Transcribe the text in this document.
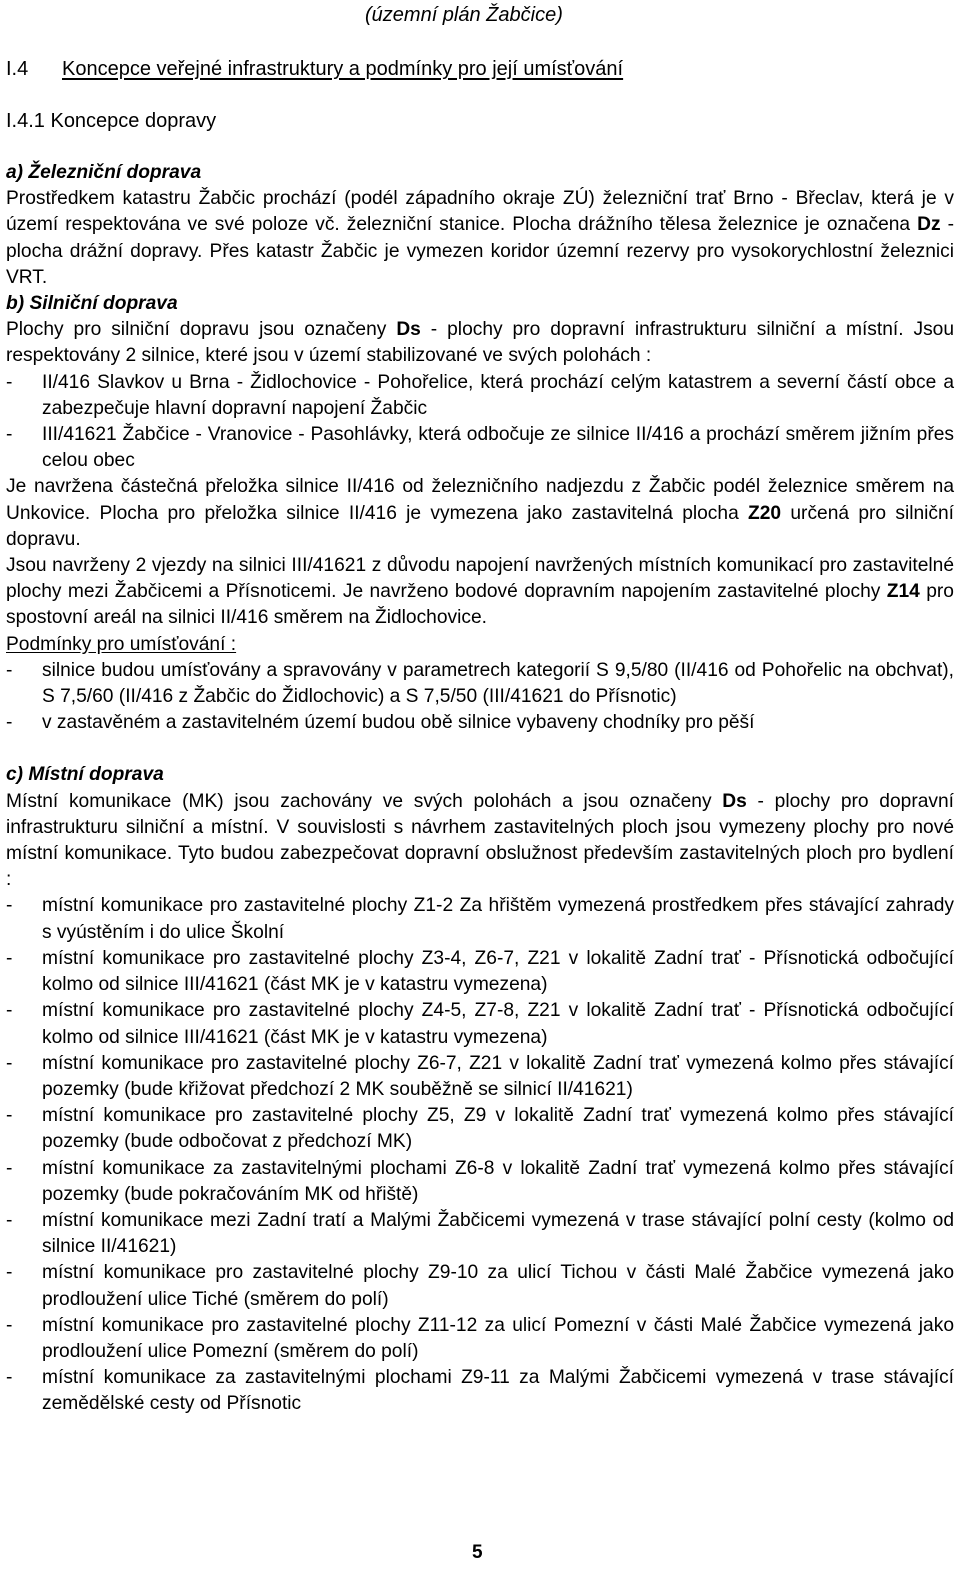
(územní plán Žabčice)
I.4 Koncepce veřejné infrastruktury a podmínky pro její umísťování
I.4.1 Koncepce dopravy

a) Železniční doprava

Prostředkem katastru Žabčic prochází (podél západního okraje ZÚ) železniční trať Brno - Břeclav, která je v území respektována ve své poloze vč. železniční stanice. Plocha drážního tělesa železnice je označena Dz - plocha drážní dopravy. Přes katastr Žabčic je vymezen koridor územní rezervy pro vysokorychlostní železnici VRT.

b) Silniční doprava

Plochy pro silniční dopravu jsou označeny Ds - plochy pro dopravní infrastrukturu silniční a místní. Jsou respektovány 2 silnice, které jsou v území stabilizované ve svých polohách :

- II/416 Slavkov u Brna - Židlochovice - Pohořelice, která prochází celým katastrem a severní částí obce a zabezpečuje hlavní dopravní napojení Žabčic
- III/41621 Žabčice - Vranovice - Pasohlávky, která odbočuje ze silnice II/416 a prochází směrem jižním přes celou obec

Je navržena částečná přeložka silnice II/416 od železničního nadjezdu z Žabčic podél železnice směrem na Unkovice. Plocha pro přeložka silnice II/416 je vymezena jako zastavitelná plocha Z20 určená pro silniční dopravu.

Jsou navrženy 2 vjezdy na silnici III/41621 z důvodu napojení navržených místních komunikací pro zastavitelné plochy mezi Žabčicemi a Přísnoticemi. Je navrženo bodové dopravním napojením zastavitelné plochy Z14 pro spostovní areál na silnici II/416 směrem na Židlochovice.

Podmínky pro umísťování :

- silnice budou umísťovány a spravovány v parametrech kategorií S 9,5/80 (II/416 od Pohořelic na obchvat), S 7,5/60 (II/416 z Žabčic do Židlochovic) a S 7,5/50 (III/41621 do Přísnotic)
- v zastavěném a zastavitelném území budou obě silnice vybaveny chodníky pro pěší

c) Místní doprava

Místní komunikace (MK) jsou zachovány ve svých polohách a jsou označeny Ds - plochy pro dopravní infrastrukturu silniční a místní. V souvislosti s návrhem zastavitelných ploch jsou vymezeny plochy pro nové místní komunikace. Tyto budou zabezpečovat dopravní obslužnost především zastavitelných ploch pro bydlení :

- místní komunikace pro zastavitelné plochy Z1-2 Za hřištěm vymezená prostředkem přes stávající zahrady s vyústěním i do ulice Školní
- místní komunikace pro zastavitelné plochy Z3-4, Z6-7, Z21 v lokalitě Zadní trať - Přísnotická odbočující kolmo od silnice III/41621 (část MK je v katastru vymezena)
- místní komunikace pro zastavitelné plochy Z4-5, Z7-8, Z21 v lokalitě Zadní trať - Přísnotická odbočující kolmo od silnice III/41621 (část MK je v katastru vymezena)
- místní komunikace pro zastavitelné plochy Z6-7, Z21 v lokalitě Zadní trať vymezená kolmo přes stávající pozemky (bude křižovat předchozí 2 MK souběžně se silnicí II/41621)
- místní komunikace pro zastavitelné plochy Z5, Z9 v lokalitě Zadní trať vymezená kolmo přes stávající pozemky (bude odbočovat z předchozí MK)
- místní komunikace za zastavitelnými plochami Z6-8 v lokalitě Zadní trať vymezená kolmo přes stávající pozemky (bude pokračováním MK od hřiště)
- místní komunikace mezi Zadní tratí a Malými Žabčicemi vymezená v trase stávající polní cesty (kolmo od silnice II/41621)
- místní komunikace pro zastavitelné plochy Z9-10 za ulicí Tichou v části Malé Žabčice vymezená jako prodloužení ulice Tiché (směrem do polí)
- místní komunikace pro zastavitelné plochy Z11-12 za ulicí Pomezní v části Malé Žabčice vymezená jako prodloužení ulice Pomezní (směrem do polí)
- místní komunikace za zastavitelnými plochami Z9-11 za Malými Žabčicemi vymezená v trase stávající zemědělské cesty od Přísnotic
5
